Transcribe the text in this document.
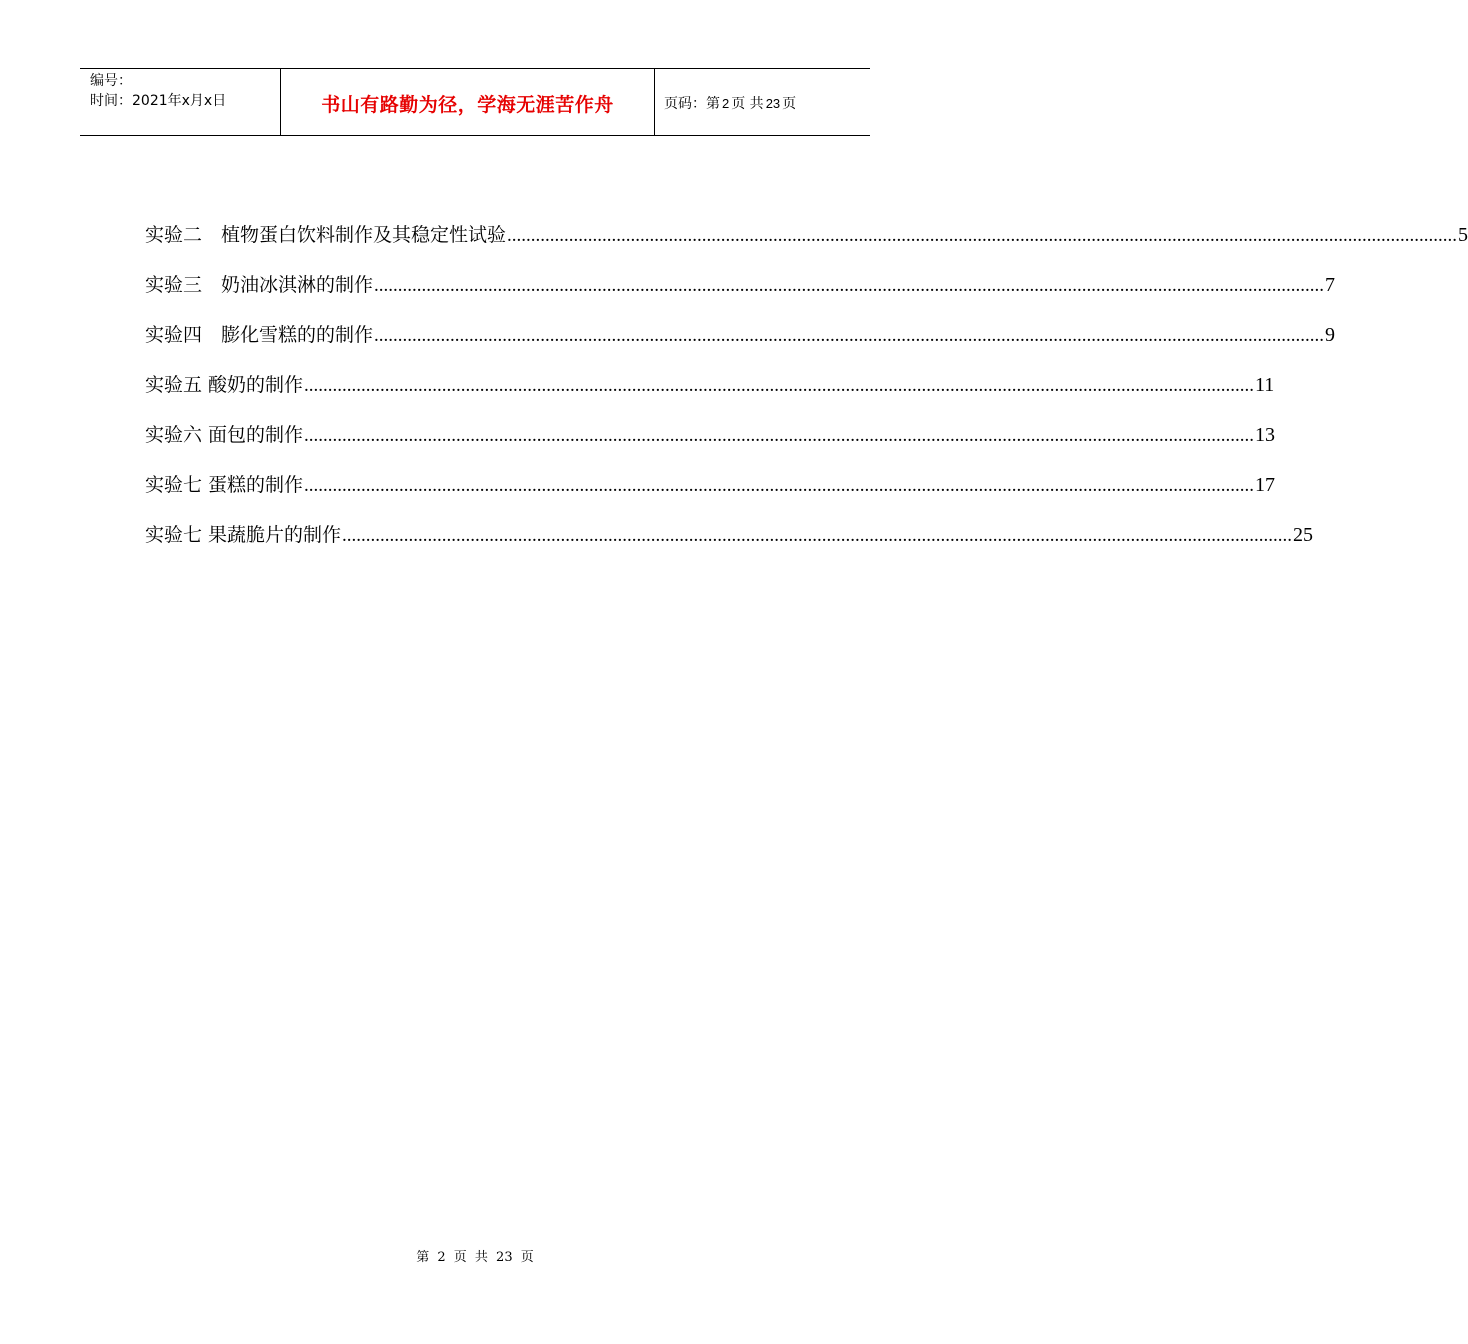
编号：
时间：2021年x月x日	书山有路勤为径，学海无涯苦作舟	页码：第 2 页 共 23 页
实验二　植物蛋白饮料制作及其稳定性试验 ........................................................................................................................................................................................................ 5
实验三　奶油冰淇淋的制作 ........................................................................................................................................................................................................ 7
实验四　膨化雪糕的的制作 ........................................................................................................................................................................................................ 9
实验五 酸奶的制作 ........................................................................................................................................................................................................ 11
实验六 面包的制作 ........................................................................................................................................................................................................ 13
实验七 蛋糕的制作 ........................................................................................................................................................................................................ 17
实验七 果蔬脆片的制作 ........................................................................................................................................................................................................ 25
第 2 页 共 23 页
